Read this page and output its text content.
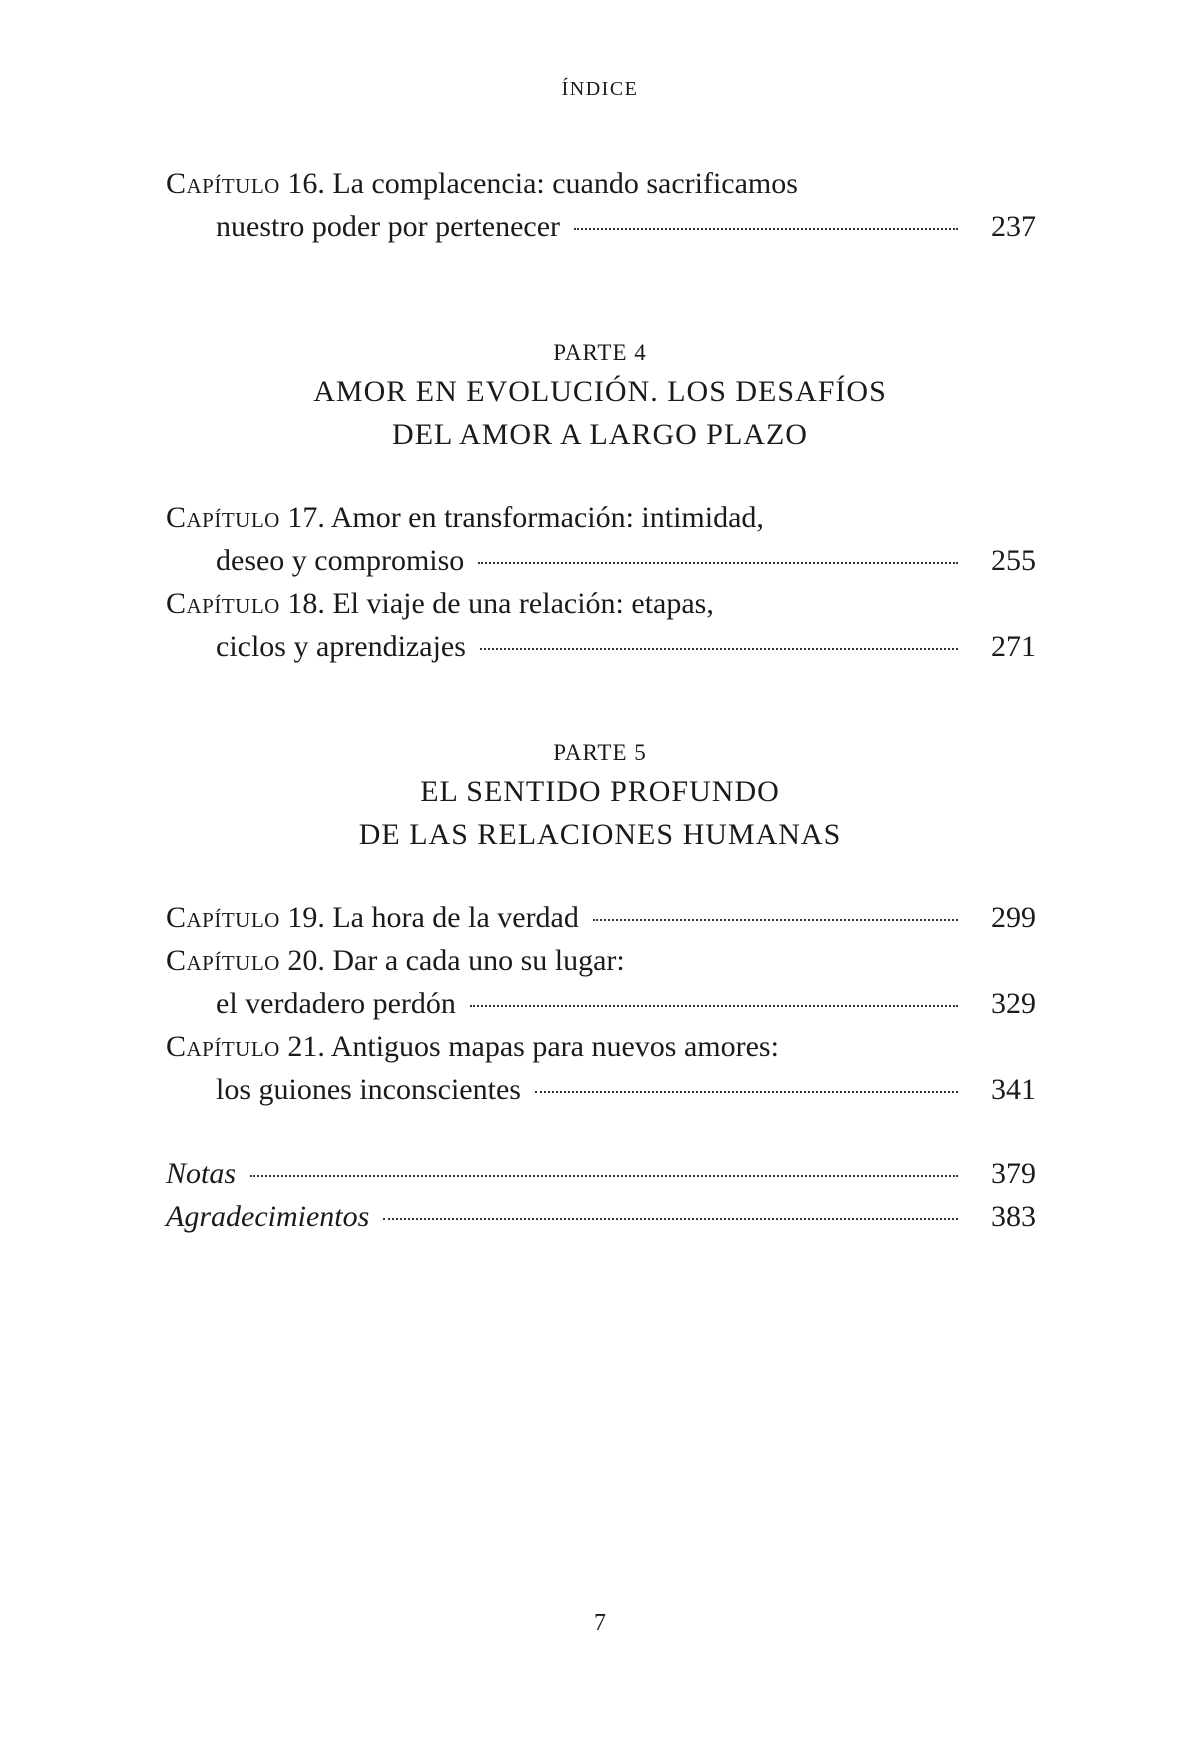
ÍNDICE
Capítulo 16. La complacencia: cuando sacrificamos
nuestro poder por pertenecer	237
PARTE 4
AMOR EN EVOLUCIÓN. LOS DESAFÍOS
DEL AMOR A LARGO PLAZO
Capítulo 17. Amor en transformación: intimidad,
deseo y compromiso	255
Capítulo 18. El viaje de una relación: etapas,
ciclos y aprendizajes	271
PARTE 5
EL SENTIDO PROFUNDO
DE LAS RELACIONES HUMANAS
Capítulo 19. La hora de la verdad	299
Capítulo 20. Dar a cada uno su lugar:
el verdadero perdón	329
Capítulo 21. Antiguos mapas para nuevos amores:
los guiones inconscientes	341
Notas	379
Agradecimientos	383
7
